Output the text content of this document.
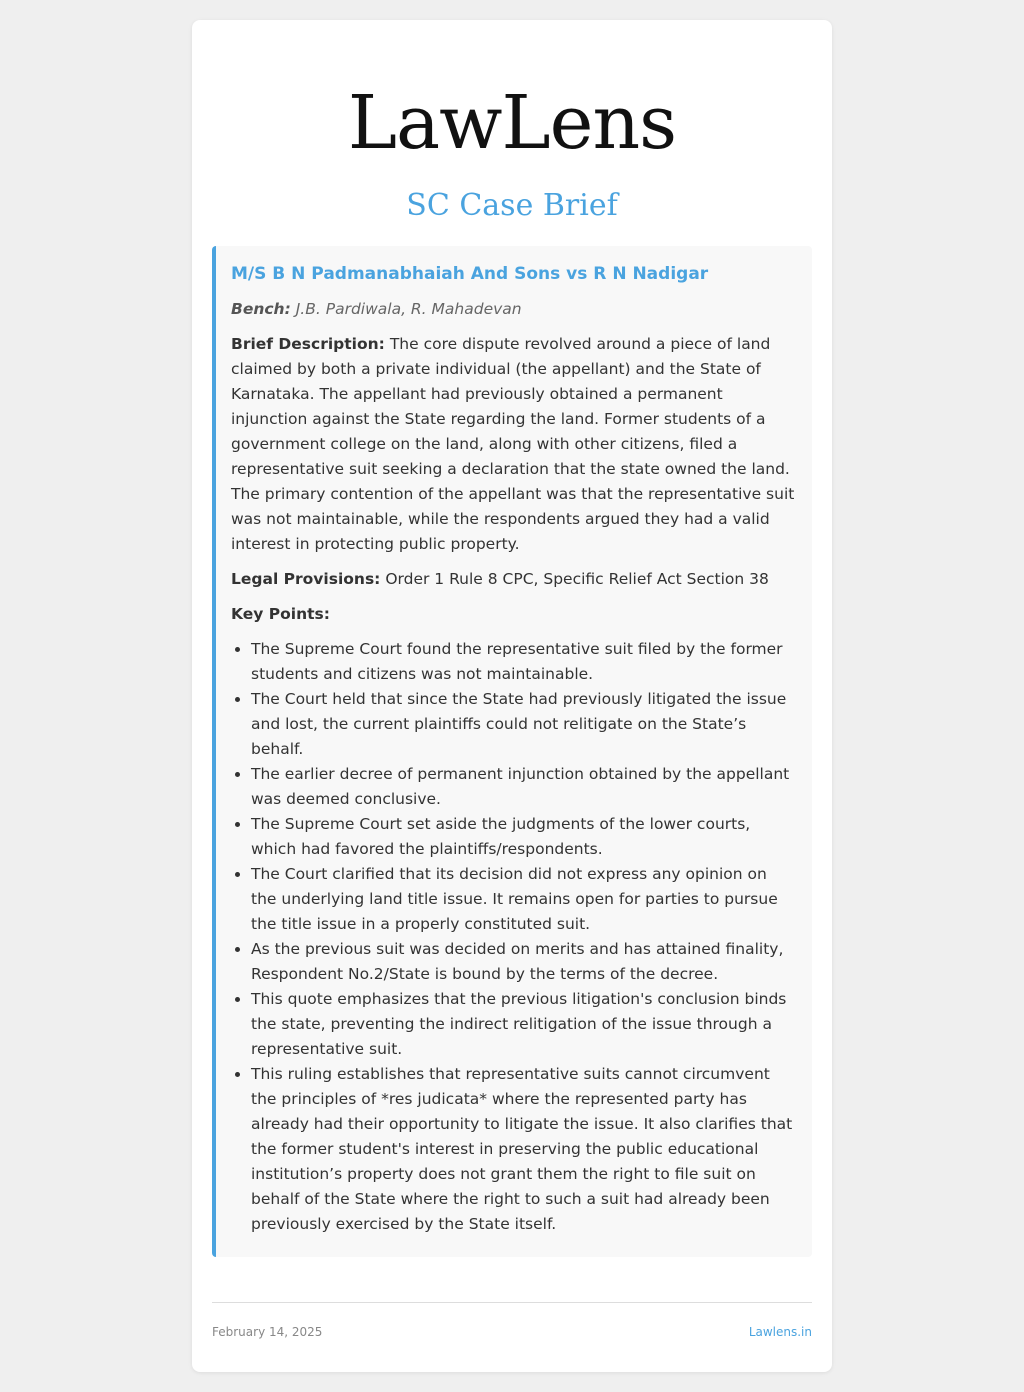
LawLens
SC Case Brief
M/S B N Padmanabhaiah And Sons vs R N Nadigar

Bench: J.B. Pardiwala, R. Mahadevan

Brief Description: The core dispute revolved around a piece of land claimed by both a private individual (the appellant) and the State of Karnataka. The appellant had previously obtained a permanent injunction against the State regarding the land. Former students of a government college on the land, along with other citizens, filed a representative suit seeking a declaration that the state owned the land. The primary contention of the appellant was that the representative suit was not maintainable, while the respondents argued they had a valid interest in protecting public property.

Legal Provisions: Order 1 Rule 8 CPC, Specific Relief Act Section 38

Key Points:

• The Supreme Court found the representative suit filed by the former students and citizens was not maintainable.
• The Court held that since the State had previously litigated the issue and lost, the current plaintiffs could not relitigate on the State’s behalf.
• The earlier decree of permanent injunction obtained by the appellant was deemed conclusive.
• The Supreme Court set aside the judgments of the lower courts, which had favored the plaintiffs/respondents.
• The Court clarified that its decision did not express any opinion on the underlying land title issue. It remains open for parties to pursue the title issue in a properly constituted suit.
• As the previous suit was decided on merits and has attained finality, Respondent No.2/State is bound by the terms of the decree.
• This quote emphasizes that the previous litigation's conclusion binds the state, preventing the indirect relitigation of the issue through a representative suit.
• This ruling establishes that representative suits cannot circumvent the principles of *res judicata* where the represented party has already had their opportunity to litigate the issue. It also clarifies that the former student's interest in preserving the public educational institution’s property does not grant them the right to file suit on behalf of the State where the right to such a suit had already been previously exercised by the State itself.
February 14, 2025	Lawlens.in
